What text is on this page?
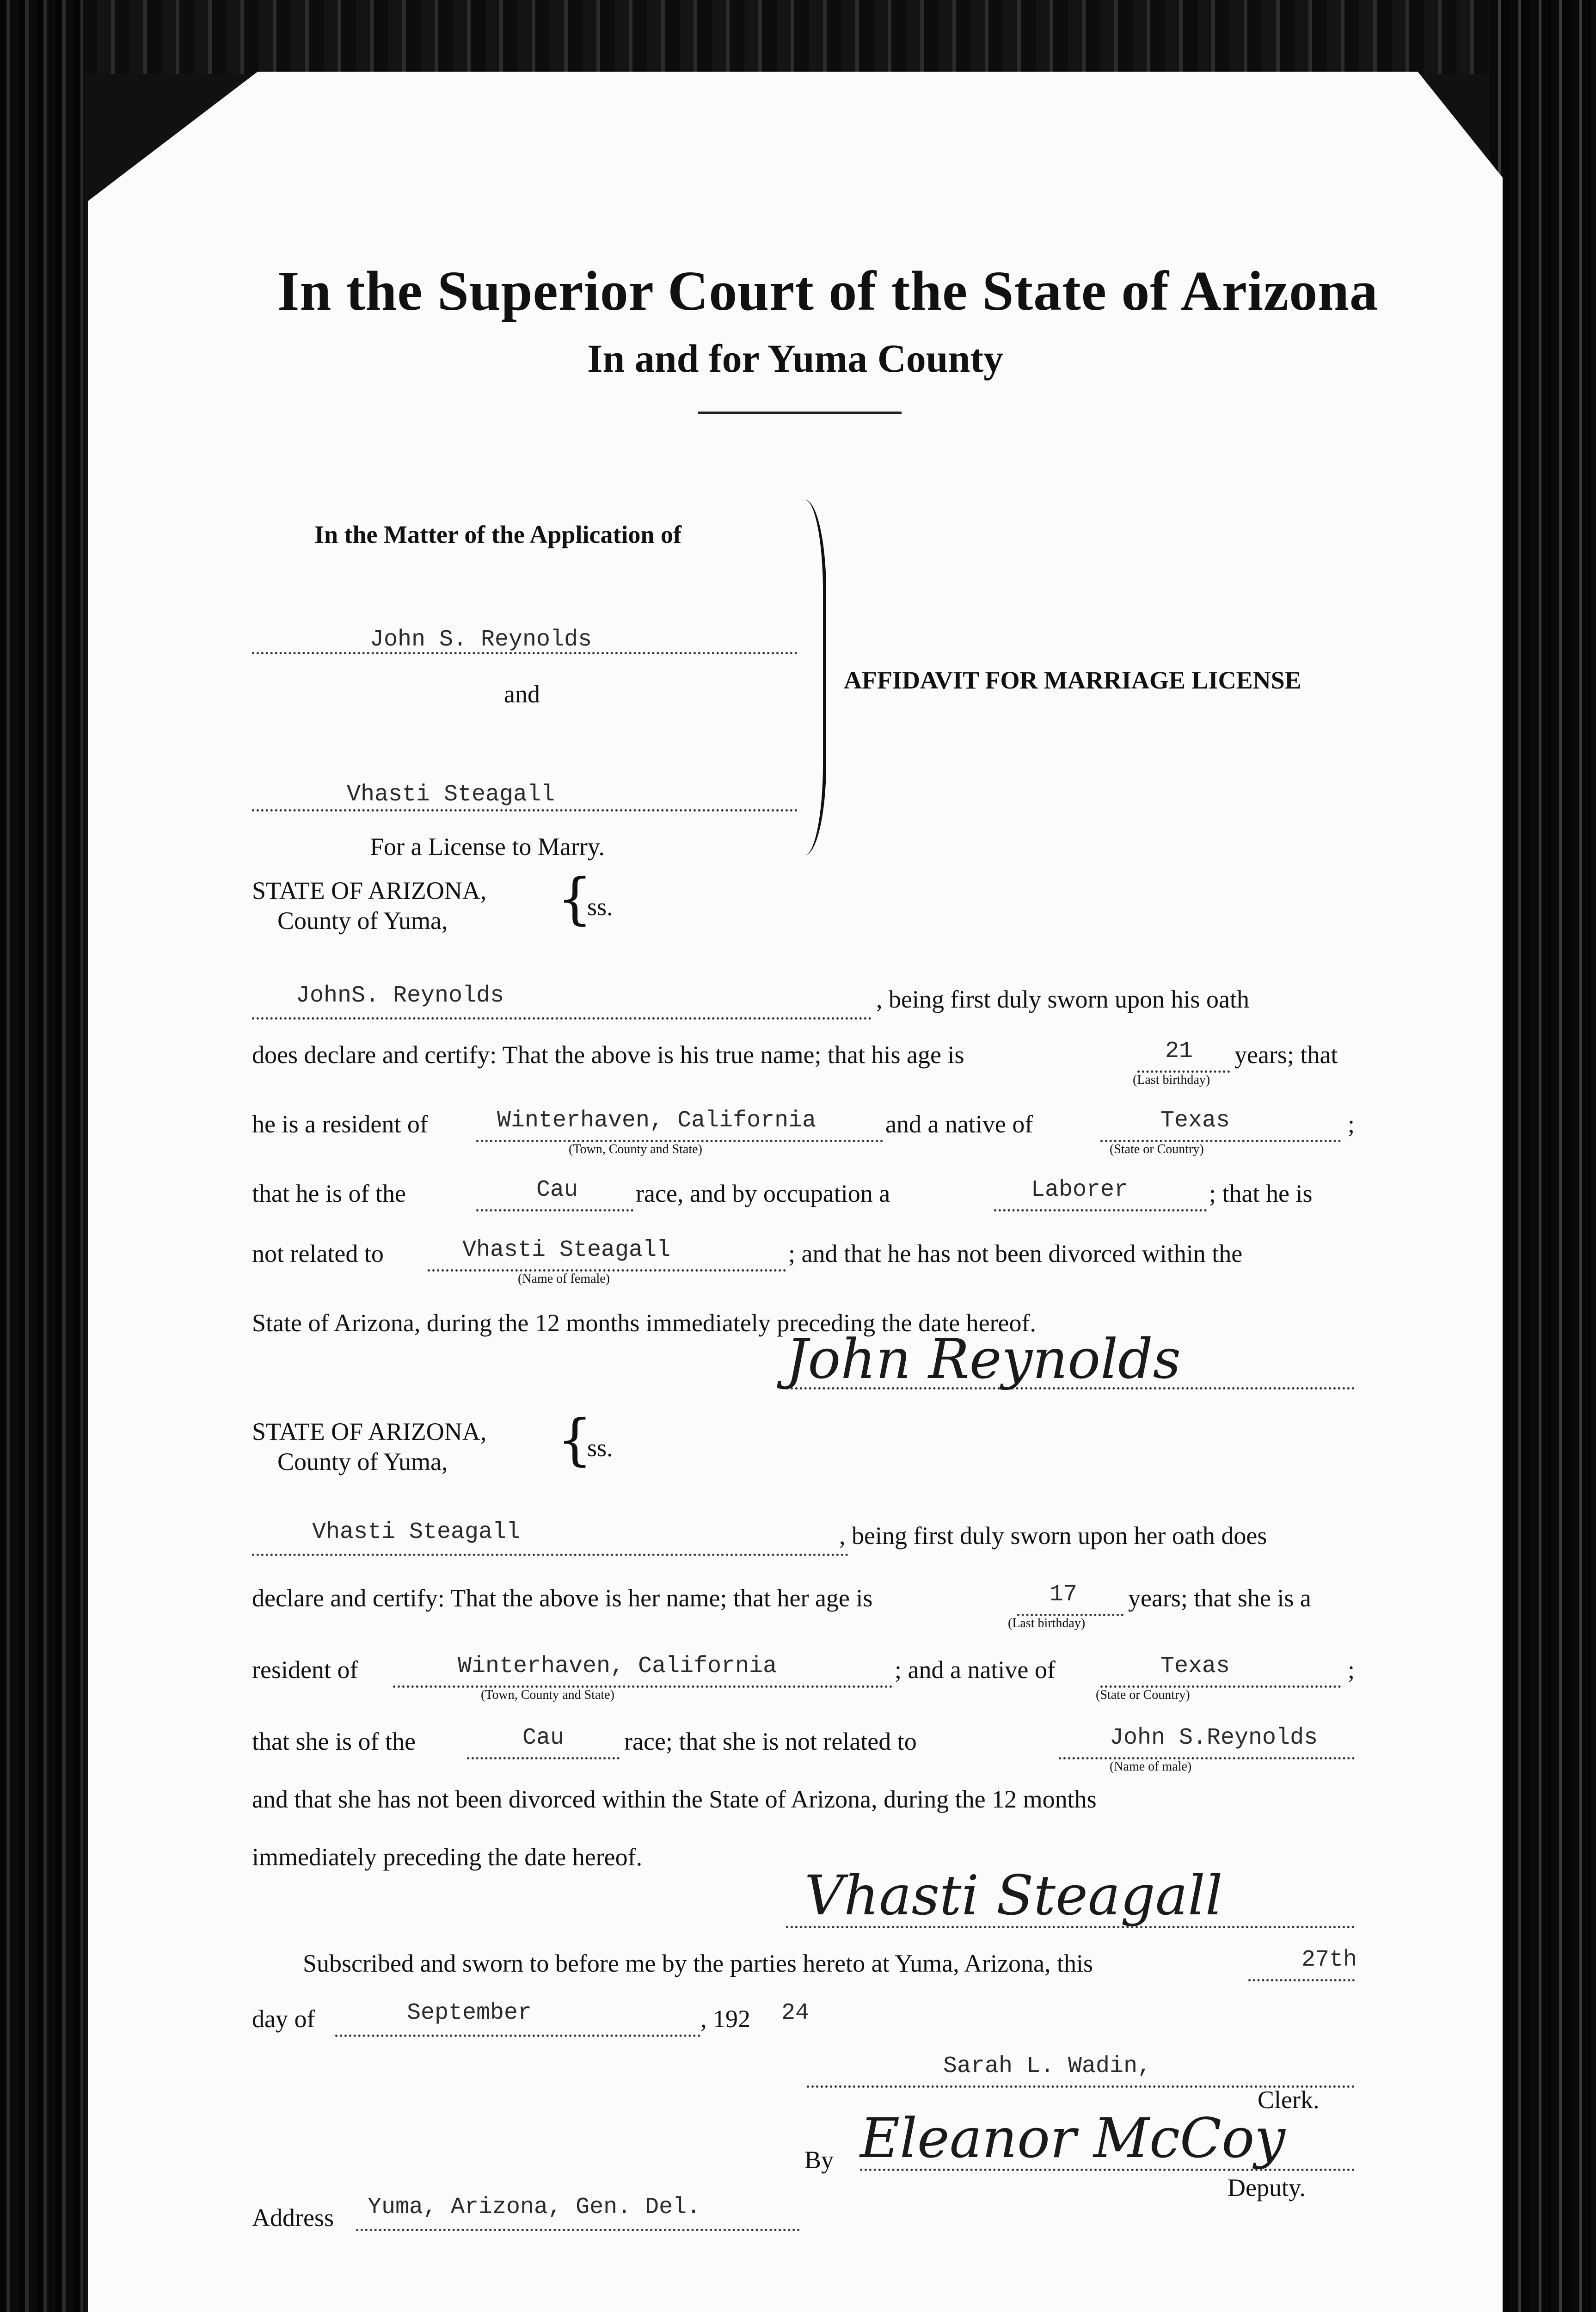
In the Superior Court of the State of Arizona
In and for Yuma County
In the Matter of the Application of
John S. Reynolds
and
Vhasti Steagall
For a License to Marry.
AFFIDAVIT FOR MARRIAGE LICENSE
STATE OF ARIZONA,
County of Yuma, {
ss.
JohnS. Reynolds	, being first duly sworn upon his oath
does declare and certify: That the above is his true name; that his age is	21 years; that
(Last birthday)
he is a resident of	Winterhaven, California	and a native of	Texas	;
(Town, County and State)	(State or Country)
that he is of the	Cau race, and by occupation a	Laborer	; that he is
not related to	Vhasti Steagall	; and that he has not been divorced within the
(Name of female)
State of Arizona, during the 12 months immediately preceding the date hereof.
John Reynolds
STATE OF ARIZONA,
County of Yuma, {
ss.
Vhasti Steagall	, being first duly sworn upon her oath does
declare and certify: That the above is her name; that her age is	17 years; that she is a
(Last birthday)
resident of	Winterhaven, California	; and a native of	Texas	;
(Town, County and State)	(State or Country)
that she is of the	Cau race; that she is not related to	John S.Reynolds
(Name of male)
and that she has not been divorced within the State of Arizona, during the 12 months
immediately preceding the date hereof.
Vhasti Steagall
Subscribed and sworn to before me by the parties hereto at Yuma, Arizona, this	27th
day of	September	, 192 24
Sarah L. Wadin,
Clerk.
By Eleanor McCoy
Deputy.
Address Yuma, Arizona, Gen. Del.
